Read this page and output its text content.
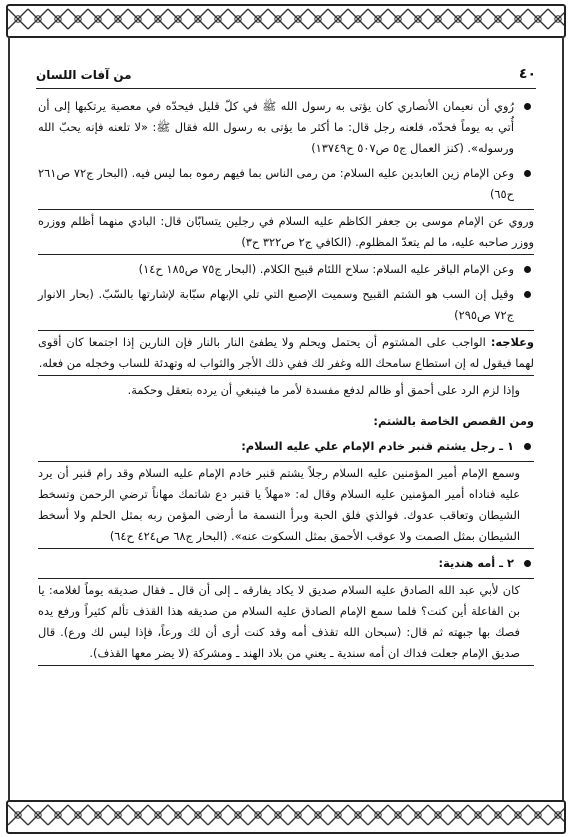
٤٠
من آفات اللسان
رُوي أن نعيمان الأنصاري كان يؤتى به رسول الله ﷺ في كلّ قليل فيحدّه في معصية يرتكبها إلى أن أُتي به يوماً فحدّه، فلعنه رجل قال: ما أكثر ما يؤتى به رسول الله فقال ﷺ: «لا تلعنه فإنه يحبّ الله ورسوله». (كنز العمال ج٥ ص٥٠٧ ح١٣٧٤٩)
وعن الإمام زين العابدين عليه السلام: من رمى الناس بما فيهم رموه بما ليس فيه. (البحار ج٧٢ ص٢٦١ ح٦٥)
وروي عن الإمام موسى بن جعفر الكاظم عليه السلام في رجلين يتسابّان قال: البادي منهما أظلم ووزره ووزر صاحبه عليه، ما لم يتعدّ المظلوم. (الكافي ج٢ ص٣٢٢ ح٣)
وعن الإمام الباقر عليه السلام: سلاح اللئام قبيح الكلام. (البحار ج٧٥ ص١٨٥ ح١٤)
وقيل إن السب هو الشتم القبيح وسميت الإصبع التي تلي الإبهام سبّابة لإشارتها بالسّبّ. (بحار الانوار ج٧٢ ص٢٩٥)
وعلاجه: الواجب على المشتوم أن يحتمل ويحلم ولا يطفئ النار بالنار فإن النارين إذا اجتمعا كان أقوى لهما فيقول له إن استطاع سامحك الله وغفر لك ففي ذلك الأجر والثواب له وتهدئة للساب وخجله من فعله.
وإذا لزم الرد على أحمق أو ظالم لدفع مفسدة لأمر ما فينبغي أن يرده بتعقل وحكمة.
ومن القصص الخاصة بالشتم:
١ ـ رجل يشتم قنبر خادم الإمام علي عليه السلام:
وسمع الإمام أمير المؤمنين عليه السلام رجلاً يشتم قنبر خادم الإمام عليه السلام وقد رام قنبر أن يرد عليه فناداه أمير المؤمنين عليه السلام وقال له: «مهلاً يا قنبر دع شاتمك مهاناً ترضي الرحمن وتسخط الشيطان وتعاقب عدوك. فوالذي فلق الحبة وبرأ النسمة ما أرضى المؤمن ربه بمثل الحلم ولا أسخط الشيطان بمثل الصمت ولا عوقب الأحمق بمثل السكوت عنه». (البحار ج٦٨ ص٤٢٤ ح٦٤)
٢ ـ أمه هندية:
كان لأبي عبد الله الصادق عليه السلام صديق لا يكاد يفارقه ـ إلى أن قال ـ فقال صديقه يوماً لغلامه: يا بن الفاعلة أين كنت؟ فلما سمع الإمام الصادق عليه السلام من صديقه هذا القذف تألم كثيراً ورفع يده فصك بها جبهته ثم قال: (سبحان الله تقذف أمه وقد كنت أرى أن لك ورعاً، فإذا ليس لك ورع). قال صديق الإمام جعلت فداك ان أمه سندية ـ يعني من بلاد الهند ـ ومشركة (لا يضر معها القذف).
